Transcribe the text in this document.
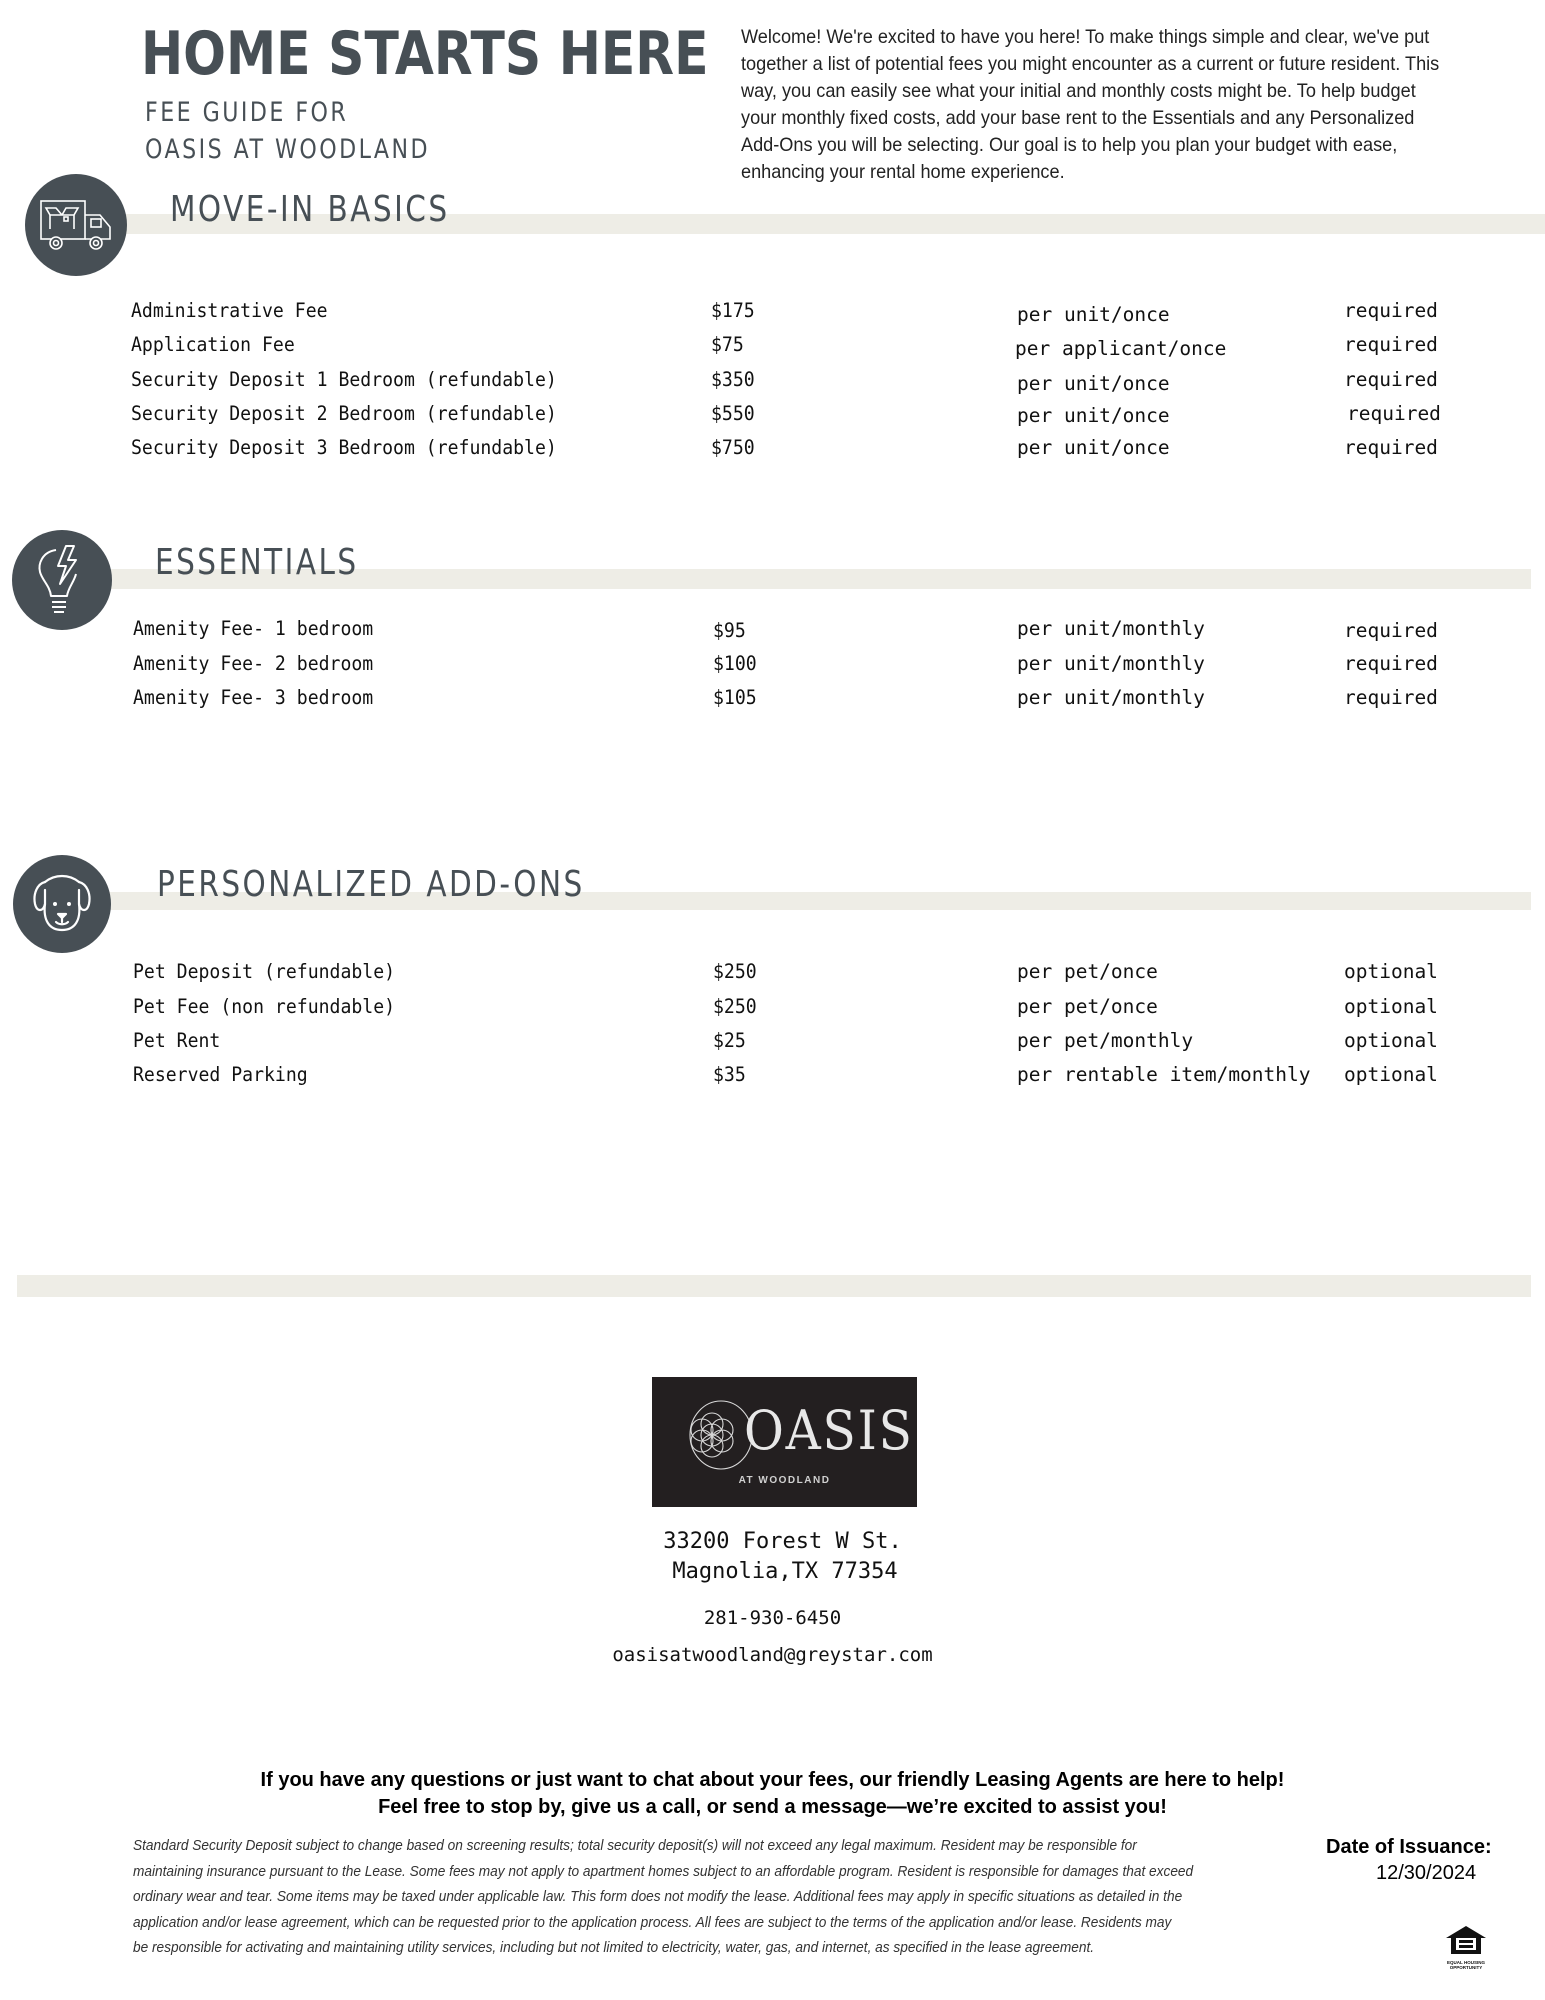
HOME STARTS HERE
FEE GUIDE FOR
OASIS AT WOODLAND
Welcome! We're excited to have you here! To make things simple and clear, we've put together a list of potential fees you might encounter as a current or future resident. This way, you can easily see what your initial and monthly costs might be. To help budget your monthly fixed costs, add your base rent to the Essentials and any Personalized Add-Ons you will be selecting. Our goal is to help you plan your budget with ease, enhancing your rental home experience.
MOVE-IN BASICS
Administrative Fee	$175	per unit/once	required
Application Fee	$75	per applicant/once	required
Security Deposit 1 Bedroom (refundable)	$350	per unit/once	required
Security Deposit 2 Bedroom (refundable)	$550	per unit/once	required
Security Deposit 3 Bedroom (refundable)	$750	per unit/once	required
ESSENTIALS
Amenity Fee- 1 bedroom	$95	per unit/monthly	required
Amenity Fee- 2 bedroom	$100	per unit/monthly	required
Amenity Fee- 3 bedroom	$105	per unit/monthly	required
PERSONALIZED ADD-ONS
Pet Deposit (refundable)	$250	per pet/once	optional
Pet Fee (non refundable)	$250	per pet/once	optional
Pet Rent	$25	per pet/monthly	optional
Reserved Parking	$35	per rentable item/monthly optional
OASIS
AT WOODLAND
33200 Forest W St.
Magnolia,TX 77354
281-930-6450
oasisatwoodland@greystar.com
If you have any questions or just want to chat about your fees, our friendly Leasing Agents are here to help!
Feel free to stop by, give us a call, or send a message—we’re excited to assist you!
Standard Security Deposit subject to change based on screening results; total security deposit(s) will not exceed any legal maximum. Resident may be responsible for
maintaining insurance pursuant to the Lease. Some fees may not apply to apartment homes subject to an affordable program. Resident is responsible for damages that exceed
ordinary wear and tear. Some items may be taxed under applicable law. This form does not modify the lease. Additional fees may apply in specific situations as detailed in the
application and/or lease agreement, which can be requested prior to the application process. All fees are subject to the terms of the application and/or lease. Residents may
be responsible for activating and maintaining utility services, including but not limited to electricity, water, gas, and internet, as specified in the lease agreement.
Date of Issuance:
12/30/2024
EQUAL HOUSING
OPPORTUNITY
